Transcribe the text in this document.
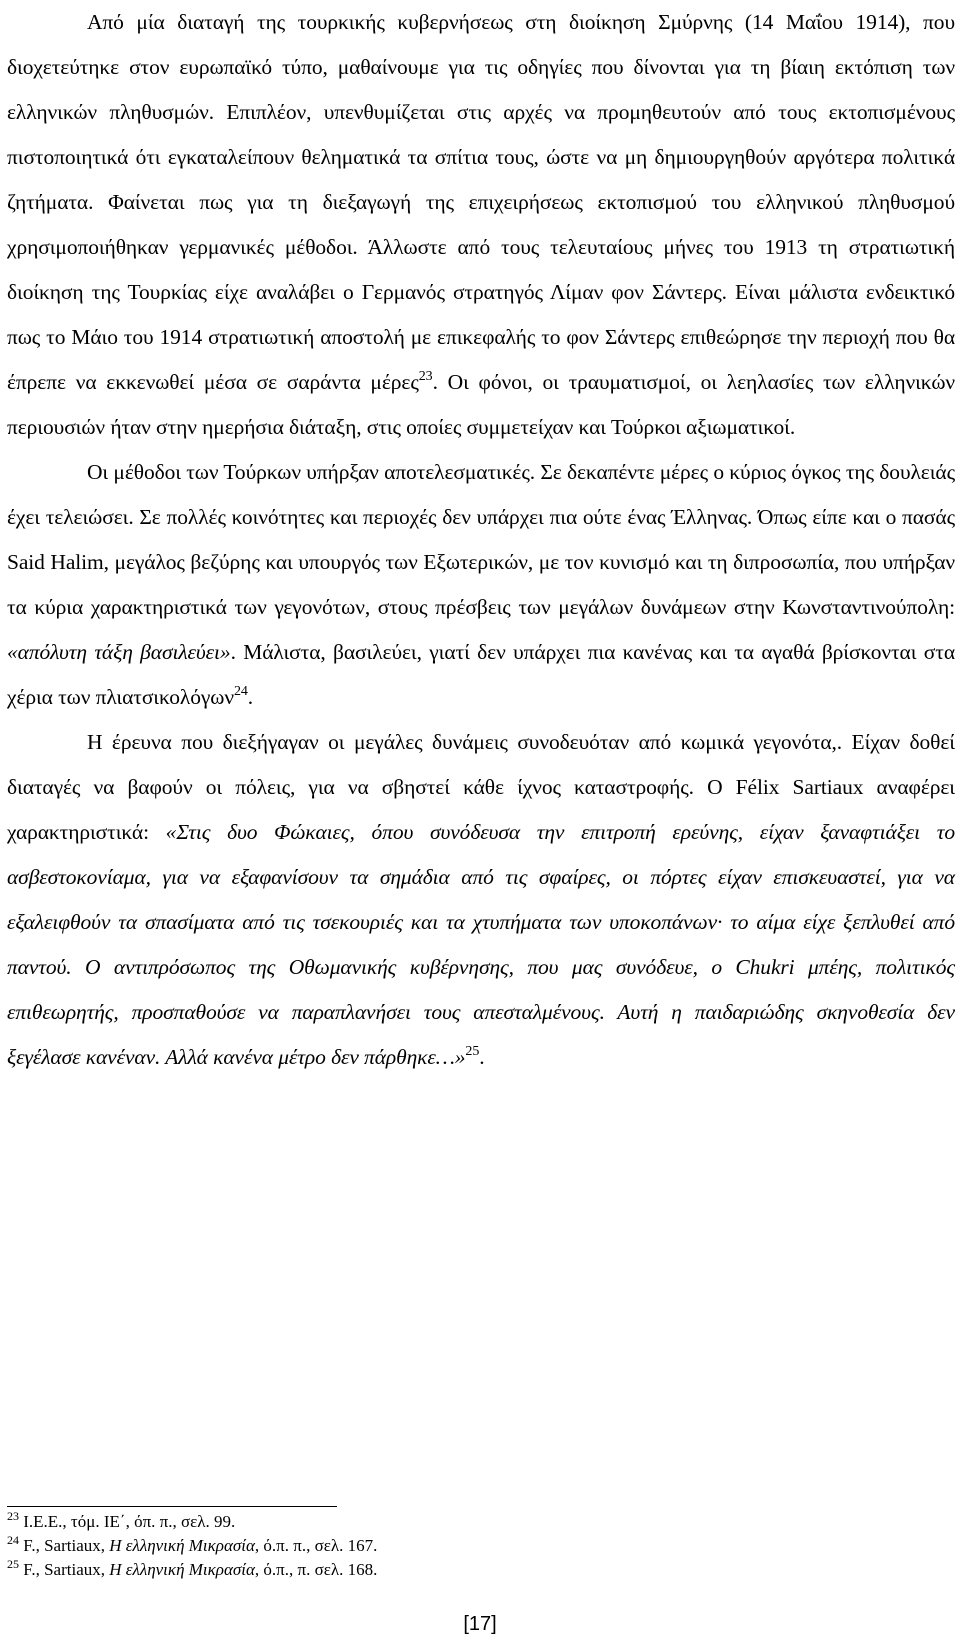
Από μία διαταγή της τουρκικής κυβερνήσεως στη διοίκηση Σμύρνης (14 Μαΐου 1914), που διοχετεύτηκε στον ευρωπαϊκό τύπο, μαθαίνουμε για τις οδηγίες που δίνονται για τη βίαιη εκτόπιση των ελληνικών πληθυσμών. Επιπλέον, υπενθυμίζεται στις αρχές να προμηθευτούν από τους εκτοπισμένους πιστοποιητικά ότι εγκαταλείπουν θεληματικά τα σπίτια τους, ώστε να μη δημιουργηθούν αργότερα πολιτικά ζητήματα. Φαίνεται πως για τη διεξαγωγή της επιχειρήσεως εκτοπισμού του ελληνικού πληθυσμού χρησιμοποιήθηκαν γερμανικές μέθοδοι. Άλλωστε από τους τελευταίους μήνες του 1913 τη στρατιωτική διοίκηση της Τουρκίας είχε αναλάβει ο Γερμανός στρατηγός Λίμαν φον Σάντερς. Είναι μάλιστα ενδεικτικό πως το Μάιο του 1914 στρατιωτική αποστολή με επικεφαλής το φον Σάντερς επιθεώρησε την περιοχή που θα έπρεπε να εκκενωθεί μέσα σε σαράντα μέρες$^{23}$. Οι φόνοι, οι τραυματισμοί, οι λεηλασίες των ελληνικών περιουσιών ήταν στην ημερήσια διάταξη, στις οποίες συμμετείχαν και Τούρκοι αξιωματικοί.

Οι μέθοδοι των Τούρκων υπήρξαν αποτελεσματικές. Σε δεκαπέντε μέρες ο κύριος όγκος της δουλειάς έχει τελειώσει. Σε πολλές κοινότητες και περιοχές δεν υπάρχει πια ούτε ένας Έλληνας. Όπως είπε και ο πασάς Said Halim, μεγάλος βεζύρης και υπουργός των Εξωτερικών, με τον κυνισμό και τη διπροσωπία, που υπήρξαν τα κύρια χαρακτηριστικά των γεγονότων, στους πρέσβεις των μεγάλων δυνάμεων στην Κωνσταντινούπολη: «απόλυτη τάξη βασιλεύει». Μάλιστα, βασιλεύει, γιατί δεν υπάρχει πια κανένας και τα αγαθά βρίσκονται στα χέρια των πλιατσικολόγων$^{24}$.

Η έρευνα που διεξήγαγαν οι μεγάλες δυνάμεις συνοδευόταν από κωμικά γεγονότα,. Είχαν δοθεί διαταγές να βαφούν οι πόλεις, για να σβηστεί κάθε ίχνος καταστροφής. Ο Félix Sartiaux αναφέρει χαρακτηριστικά: «Στις δυο Φώκαιες, όπου συνόδευσα την επιτροπή ερεύνης, είχαν ξαναφτιάξει το ασβεστοκονίαμα, για να εξαφανίσουν τα σημάδια από τις σφαίρες, οι πόρτες είχαν επισκευαστεί, για να εξαλειφθούν τα σπασίματα από τις τσεκουριές και τα χτυπήματα των υποκοπάνων· το αίμα είχε ξεπλυθεί από παντού. Ο αντιπρόσωπος της Οθωμανικής κυβέρνησης, που μας συνόδευε, ο Chukri μπέης, πολιτικός επιθεωρητής, προσπαθούσε να παραπλανήσει τους απεσταλμένους. Αυτή η παιδαριώδης σκηνοθεσία δεν ξεγέλασε κανέναν. Αλλά κανένα μέτρο δεν πάρθηκε…»$^{25}$.

$^{23}$ Ι.Ε.Ε., τόμ. ΙΕ΄, όπ. π., σελ. 99.
$^{24}$ F., Sartiaux, Η ελληνική Μικρασία, ό.π. π., σελ. 167.
$^{25}$ F., Sartiaux, Η ελληνική Μικρασία, ό.π., π. σελ. 168.
[17]
